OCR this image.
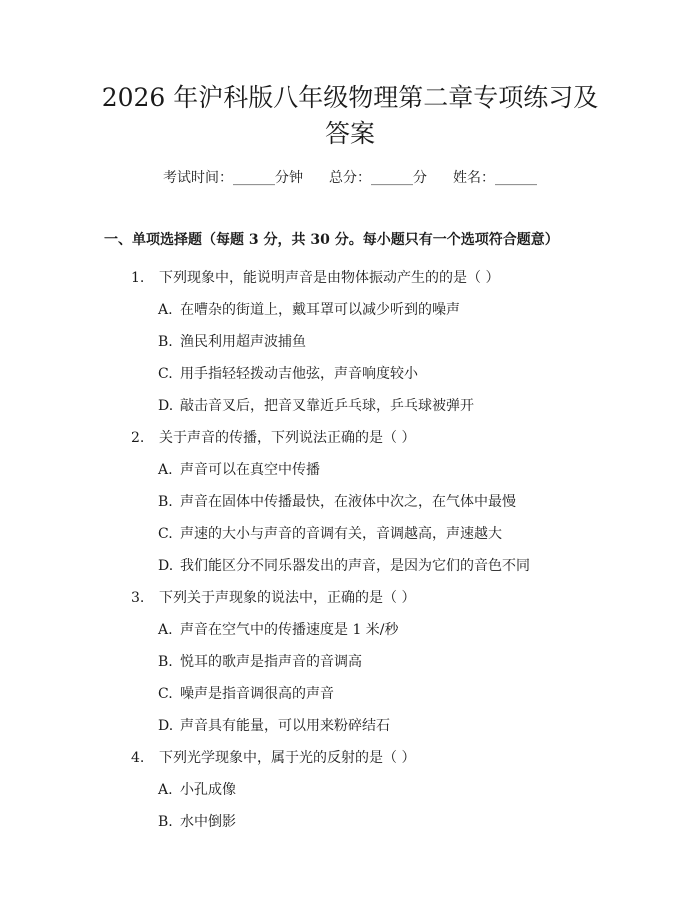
2026 年沪科版八年级物理第二章专项练习及
答案
考试时间：______分钟 总分：______分 姓名：______
一、单项选择题（每题 3 分，共 30 分。每小题只有一个选项符合题意）
1. 下列现象中，能说明声音是由物体振动产生的的是（ ）
A. 在嘈杂的街道上，戴耳罩可以减少听到的噪声
B. 渔民利用超声波捕鱼
C. 用手指轻轻拨动吉他弦，声音响度较小
D. 敲击音叉后，把音叉靠近乒乓球，乒乓球被弹开
2. 关于声音的传播，下列说法正确的是（ ）
A. 声音可以在真空中传播
B. 声音在固体中传播最快，在液体中次之，在气体中最慢
C. 声速的大小与声音的音调有关，音调越高，声速越大
D. 我们能区分不同乐器发出的声音，是因为它们的音色不同
3. 下列关于声现象的说法中，正确的是（ ）
A. 声音在空气中的传播速度是 1 米/秒
B. 悦耳的歌声是指声音的音调高
C. 噪声是指音调很高的声音
D. 声音具有能量，可以用来粉碎结石
4. 下列光学现象中，属于光的反射的是（ ）
A. 小孔成像
B. 水中倒影
